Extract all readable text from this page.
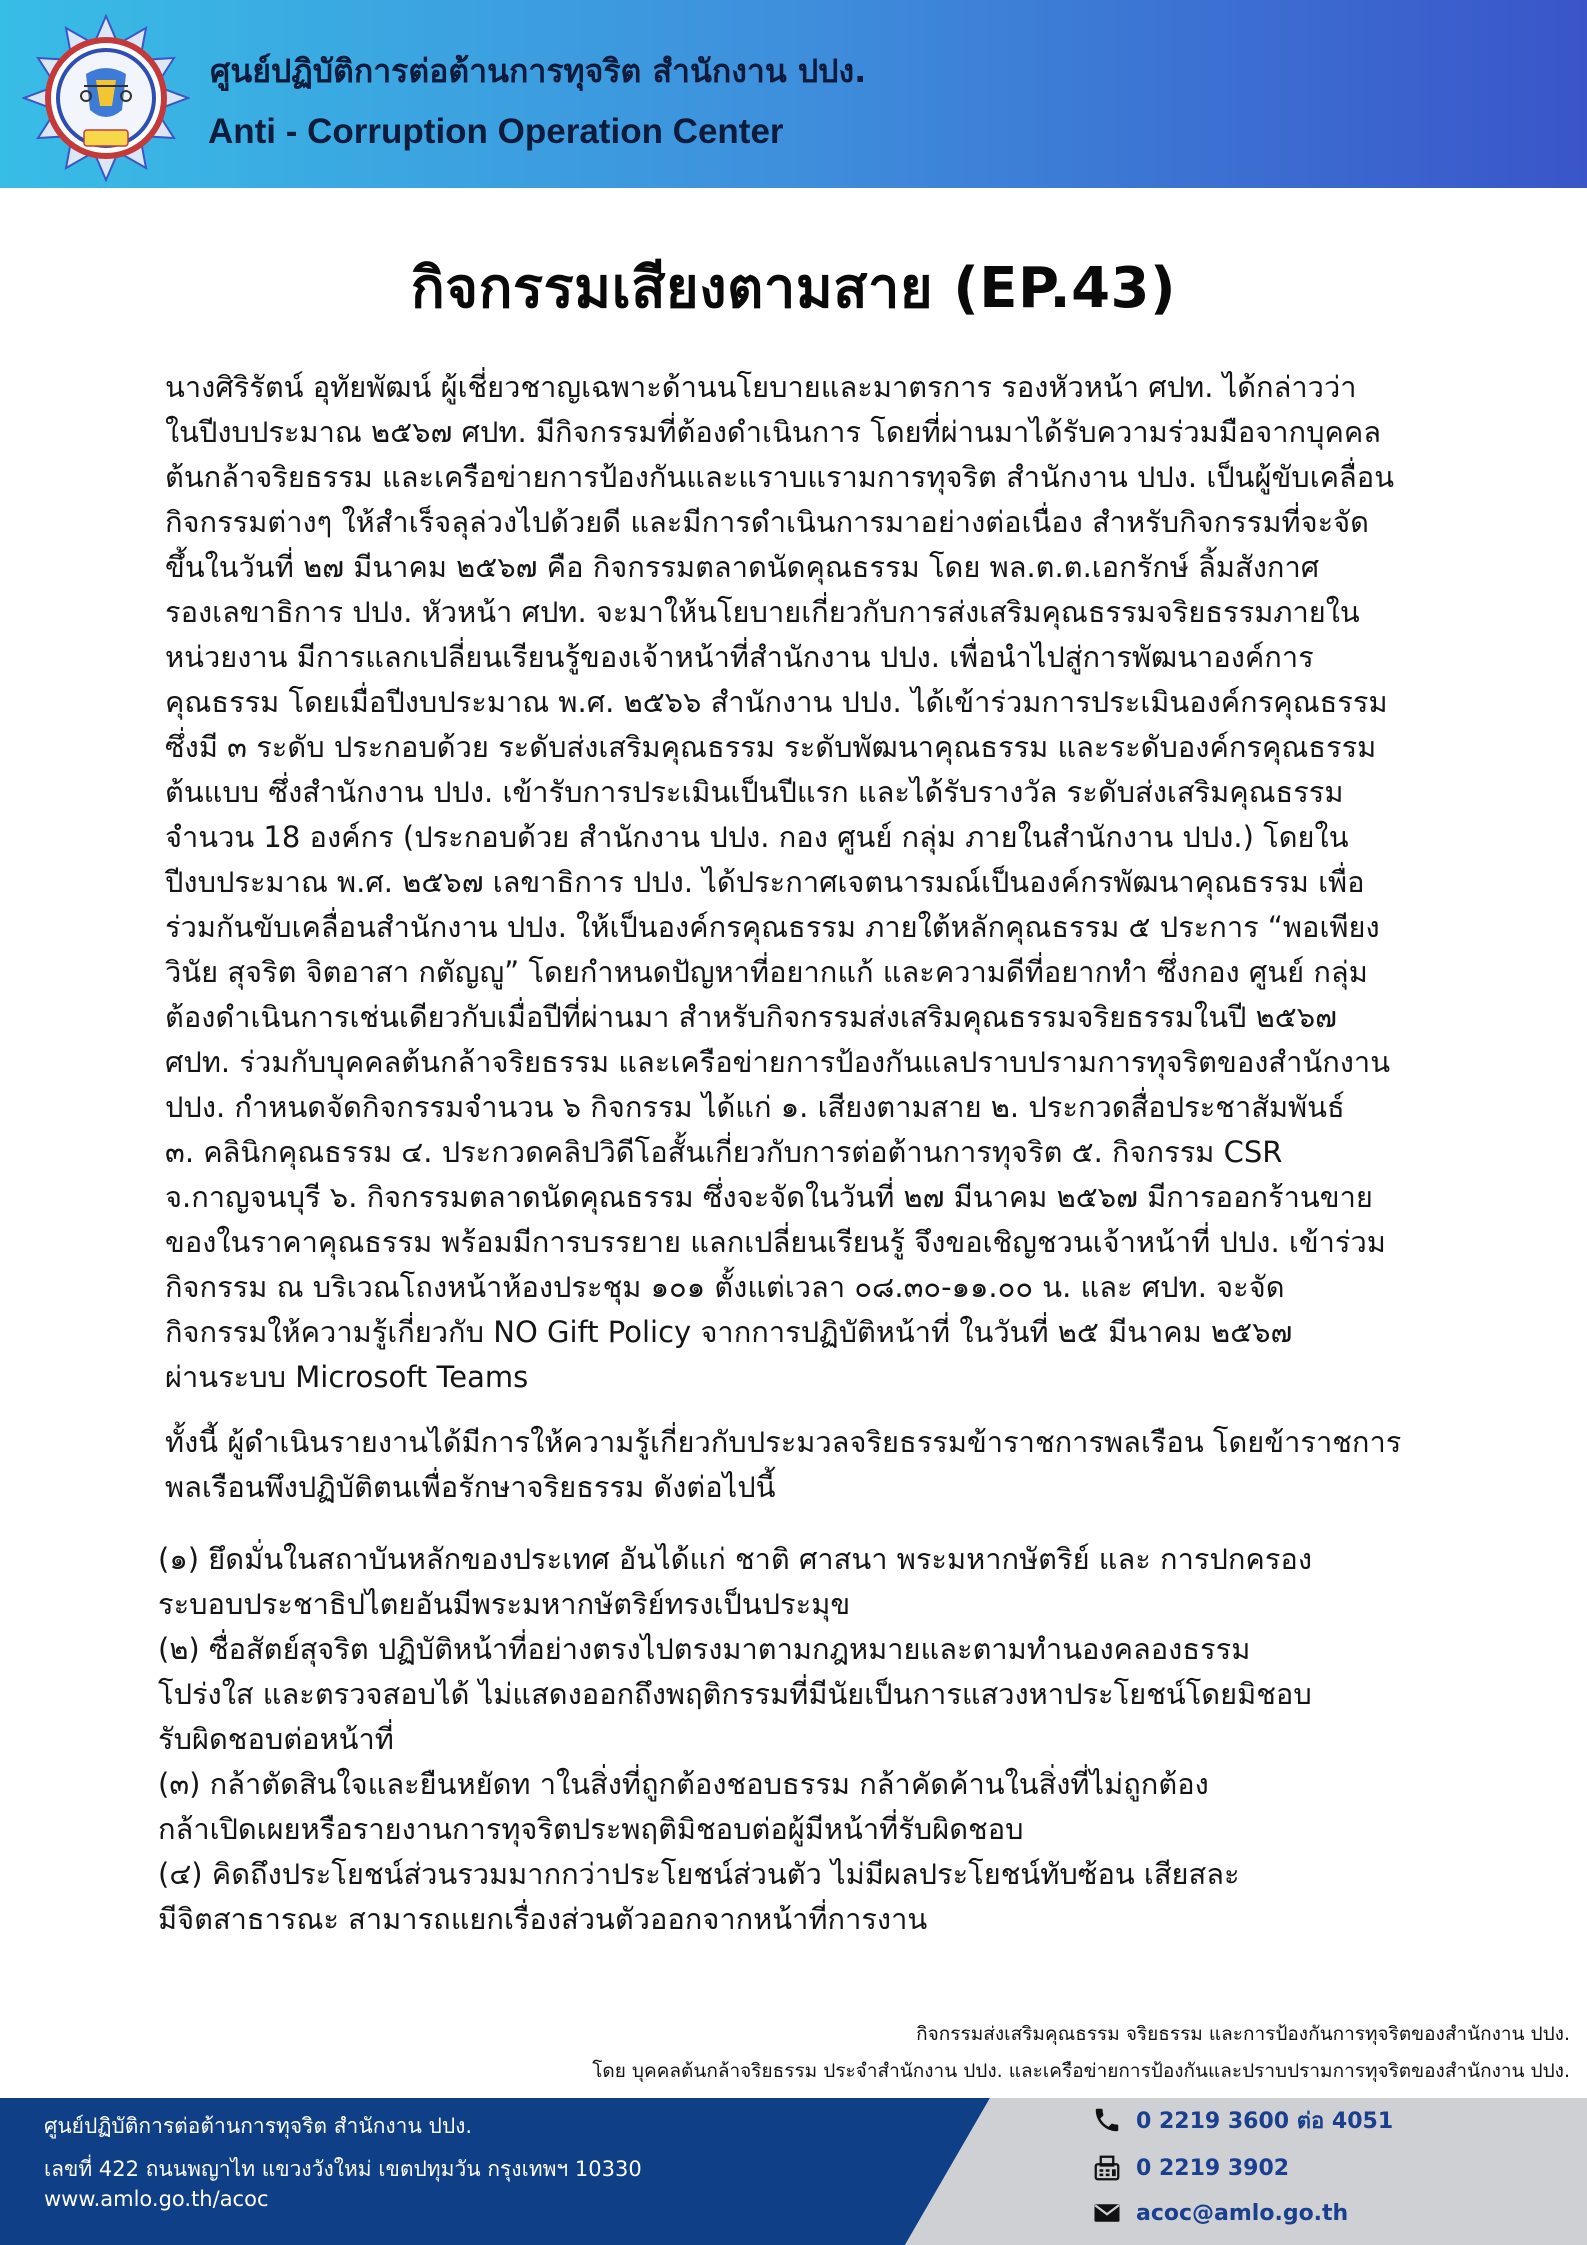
ศูนย์ปฏิบัติการต่อต้านการทุจริต สำนักงาน ปปง.

Anti - Corruption Operation Center

กิจกรรมเสียงตามสาย (EP.43)
นางศิริรัตน์ อุทัยพัฒน์ ผู้เชี่ยวชาญเฉพาะด้านนโยบายและมาตรการ รองหัวหน้า ศปท. ได้กล่าวว่า
ในปีงบประมาณ ๒๕๖๗ ศปท. มีกิจกรรมที่ต้องดำเนินการ โดยที่ผ่านมาได้รับความร่วมมือจากบุคคล
ต้นกล้าจริยธรรม และเครือข่ายการป้องกันและแราบแรามการทุจริต สำนักงาน ปปง. เป็นผู้ขับเคลื่อน
กิจกรรมต่างๆ ให้สำเร็จลุล่วงไปด้วยดี และมีการดำเนินการมาอย่างต่อเนื่อง สำหรับกิจกรรมที่จะจัด
ขึ้นในวันที่ ๒๗ มีนาคม ๒๕๖๗ คือ กิจกรรมตลาดนัดคุณธรรม โดย พล.ต.ต.เอกรักษ์ ลิ้มสังกาศ
รองเลขาธิการ ปปง. หัวหน้า ศปท. จะมาให้นโยบายเกี่ยวกับการส่งเสริมคุณธรรมจริยธรรมภายใน
หน่วยงาน มีการแลกเปลี่ยนเรียนรู้ของเจ้าหน้าที่สำนักงาน ปปง. เพื่อนำไปสู่การพัฒนาองค์การ
คุณธรรม โดยเมื่อปีงบประมาณ พ.ศ. ๒๕๖๖ สำนักงาน ปปง. ได้เข้าร่วมการประเมินองค์กรคุณธรรม
ซึ่งมี ๓ ระดับ ประกอบด้วย ระดับส่งเสริมคุณธรรม ระดับพัฒนาคุณธรรม และระดับองค์กรคุณธรรม
ต้นแบบ ซึ่งสำนักงาน ปปง. เข้ารับการประเมินเป็นปีแรก และได้รับรางวัล ระดับส่งเสริมคุณธรรม
จำนวน 18 องค์กร (ประกอบด้วย สำนักงาน ปปง. กอง ศูนย์ กลุ่ม ภายในสำนักงาน ปปง.) โดยใน
ปีงบประมาณ พ.ศ. ๒๕๖๗ เลขาธิการ ปปง. ได้ประกาศเจตนารมณ์เป็นองค์กรพัฒนาคุณธรรม เพื่อ
ร่วมกันขับเคลื่อนสำนักงาน ปปง. ให้เป็นองค์กรคุณธรรม ภายใต้หลักคุณธรรม ๕ ประการ “พอเพียง
วินัย สุจริต จิตอาสา กตัญญู” โดยกำหนดปัญหาที่อยากแก้ และความดีที่อยากทำ ซึ่งกอง ศูนย์ กลุ่ม
ต้องดำเนินการเช่นเดียวกับเมื่อปีที่ผ่านมา สำหรับกิจกรรมส่งเสริมคุณธรรมจริยธรรมในปี ๒๕๖๗
ศปท. ร่วมกับบุคคลต้นกล้าจริยธรรม และเครือข่ายการป้องกันแลปราบปรามการทุจริตของสำนักงาน
ปปง. กำหนดจัดกิจกรรมจำนวน ๖ กิจกรรม ได้แก่ ๑. เสียงตามสาย ๒. ประกวดสื่อประชาสัมพันธ์
๓. คลินิกคุณธรรม ๔. ประกวดคลิปวิดีโอสั้นเกี่ยวกับการต่อต้านการทุจริต ๕. กิจกรรม CSR
จ.กาญจนบุรี ๖. กิจกรรมตลาดนัดคุณธรรม ซึ่งจะจัดในวันที่ ๒๗ มีนาคม ๒๕๖๗ มีการออกร้านขาย
ของในราคาคุณธรรม พร้อมมีการบรรยาย แลกเปลี่ยนเรียนรู้ จึงขอเชิญชวนเจ้าหน้าที่ ปปง. เข้าร่วม
กิจกรรม ณ บริเวณโถงหน้าห้องประชุม ๑๐๑ ตั้งแต่เวลา ๐๘.๓๐-๑๑.๐๐ น. และ ศปท. จะจัด
กิจกรรมให้ความรู้เกี่ยวกับ NO Gift Policy จากการปฏิบัติหน้าที่ ในวันที่ ๒๕ มีนาคม ๒๕๖๗
ผ่านระบบ Microsoft Teams
ทั้งนี้ ผู้ดำเนินรายงานได้มีการให้ความรู้เกี่ยวกับประมวลจริยธรรมข้าราชการพลเรือน โดยข้าราชการ
พลเรือนพึงปฏิบัติตนเพื่อรักษาจริยธรรม ดังต่อไปนี้
(๑) ยึดมั่นในสถาบันหลักของประเทศ อันได้แก่ ชาติ ศาสนา พระมหากษัตริย์ และ การปกครอง
ระบอบประชาธิปไตยอันมีพระมหากษัตริย์ทรงเป็นประมุข
(๒) ซื่อสัตย์สุจริต ปฏิบัติหน้าที่อย่างตรงไปตรงมาตามกฎหมายและตามทำนองคลองธรรม
โปร่งใส และตรวจสอบได้ ไม่แสดงออกถึงพฤติกรรมที่มีนัยเป็นการแสวงหาประโยชน์โดยมิชอบ
รับผิดชอบต่อหน้าที่
(๓) กล้าตัดสินใจและยืนหยัดท าในสิ่งที่ถูกต้องชอบธรรม กล้าคัดค้านในสิ่งที่ไม่ถูกต้อง
กล้าเปิดเผยหรือรายงานการทุจริตประพฤติมิชอบต่อผู้มีหน้าที่รับผิดชอบ
(๔) คิดถึงประโยชน์ส่วนรวมมากกว่าประโยชน์ส่วนตัว ไม่มีผลประโยชน์ทับซ้อน เสียสละ
มีจิตสาธารณะ สามารถแยกเรื่องส่วนตัวออกจากหน้าที่การงาน

กิจกรรมส่งเสริมคุณธรรม จริยธรรม และการป้องกันการทุจริตของสำนักงาน ปปง.

โดย บุคคลต้นกล้าจริยธรรม ประจำสำนักงาน ปปง. และเครือข่ายการป้องกันและปราบปรามการทุจริตของสำนักงาน ปปง.

ศูนย์ปฏิบัติการต่อต้านการทุจริต สำนักงาน ปปง.

เลขที่ 422 ถนนพญาไท แขวงวังใหม่ เขตปทุมวัน กรุงเทพฯ 10330

www.amlo.go.th/acoc

0 2219 3600 ต่อ 4051
0 2219 3902
acoc@amlo.go.th
